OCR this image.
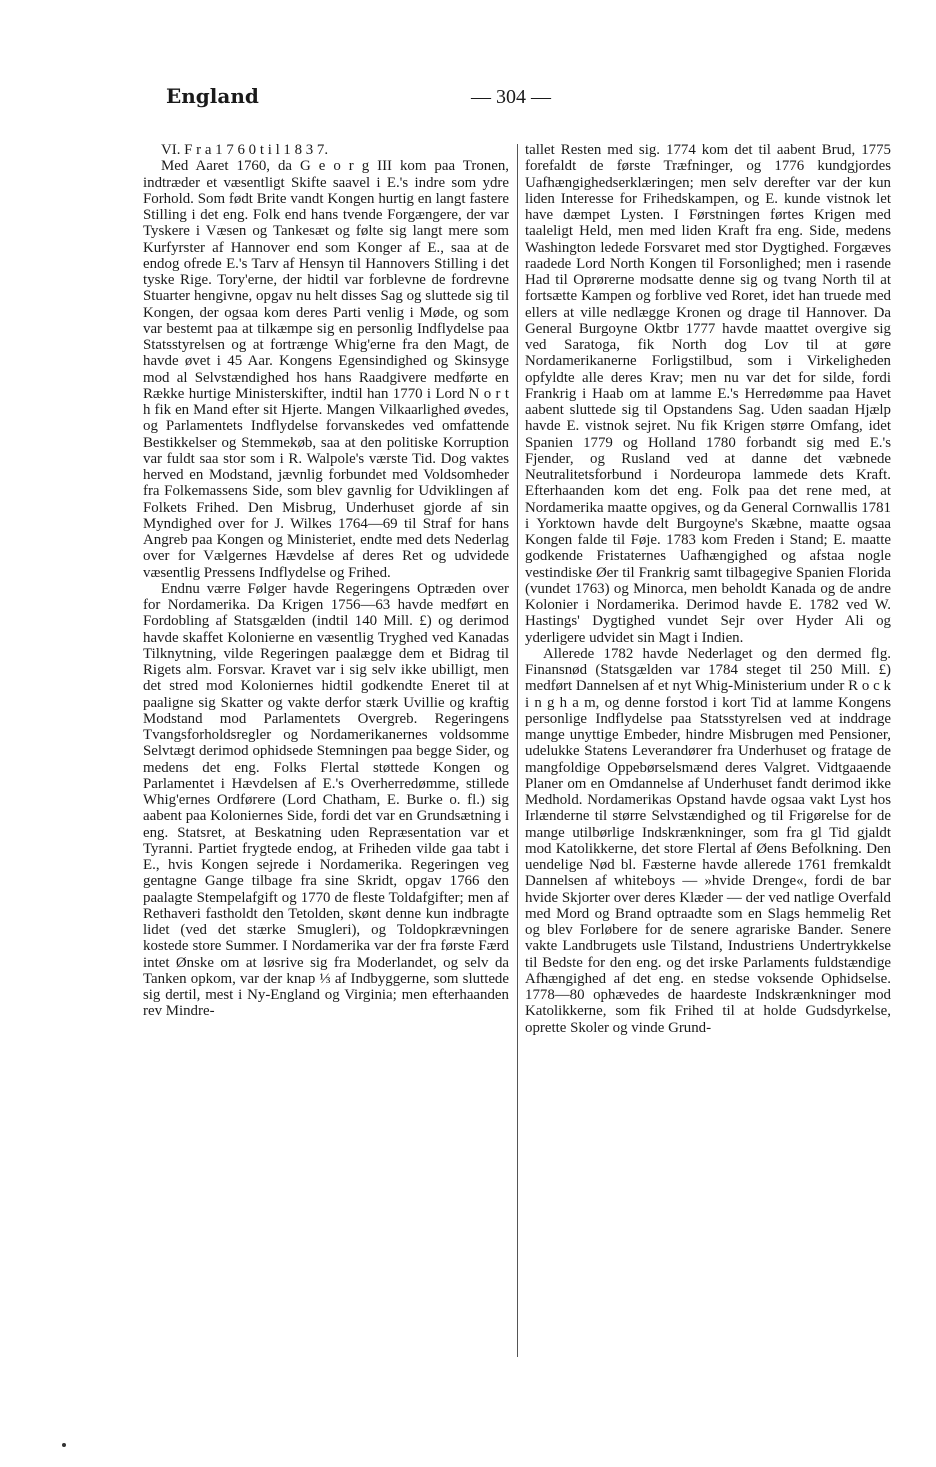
England	— 304 —

VI. F r a 1 7 6 0 t i l 1 8 3 7.

Med Aaret 1760, da G e o r g III kom paa Tronen, indtræder et væsentligt Skifte saavel i E.'s indre som ydre Forhold. Som født Brite vandt Kongen hurtig en langt fastere Stilling i det eng. Folk end hans tvende Forgængere, der var Tyskere i Væsen og Tankesæt og følte sig langt mere som Kurfyrster af Hannover end som Konger af E., saa at de endog ofrede E.'s Tarv af Hensyn til Hannovers Stilling i det tyske Rige. Tory'erne, der hidtil var forblevne de fordrevne Stuarter hengivne, opgav nu helt disses Sag og sluttede sig til Kongen, der ogsaa kom deres Parti venlig i Møde, og som var bestemt paa at tilkæmpe sig en personlig Indflydelse paa Statsstyrelsen og at fortrænge Whig'erne fra den Magt, de havde øvet i 45 Aar. Kongens Egensindighed og Skinsyge mod al Selvstændighed hos hans Raadgivere medførte en Række hurtige Ministerskifter, indtil han 1770 i Lord N o r t h fik en Mand efter sit Hjerte. Mangen Vilkaarlighed øvedes, og Parlamentets Indflydelse forvanskedes ved omfattende Bestikkelser og Stemmekøb, saa at den politiske Korruption var fuldt saa stor som i R. Walpole's værste Tid. Dog vaktes herved en Modstand, jævnlig forbundet med Voldsomheder fra Folkemassens Side, som blev gavnlig for Udviklingen af Folkets Frihed. Den Misbrug, Underhuset gjorde af sin Myndighed over for J. Wilkes 1764—69 til Straf for hans Angreb paa Kongen og Ministeriet, endte med dets Nederlag over for Vælgernes Hævdelse af deres Ret og udvidede væsentlig Pressens Indflydelse og Frihed.

Endnu værre Følger havde Regeringens Optræden over for Nordamerika. Da Krigen 1756—63 havde medført en Fordobling af Statsgælden (indtil 140 Mill. £) og derimod havde skaffet Kolonierne en væsentlig Tryghed ved Kanadas Tilknytning, vilde Regeringen paalægge dem et Bidrag til Rigets alm. Forsvar. Kravet var i sig selv ikke ubilligt, men det stred mod Koloniernes hidtil godkendte Eneret til at paaligne sig Skatter og vakte derfor stærk Uvillie og kraftig Modstand mod Parlamentets Overgreb. Regeringens Tvangsforholdsregler og Nordamerikanernes voldsomme Selvtægt derimod ophidsede Stemningen paa begge Sider, og medens det eng. Folks Flertal støttede Kongen og Parlamentet i Hævdelsen af E.'s Overherredømme, stillede Whig'ernes Ordførere (Lord Chatham, E. Burke o. fl.) sig aabent paa Koloniernes Side, fordi det var en Grundsætning i eng. Statsret, at Beskatning uden Repræsentation var et Tyranni. Partiet frygtede endog, at Friheden vilde gaa tabt i E., hvis Kongen sejrede i Nordamerika. Regeringen veg gentagne Gange tilbage fra sine Skridt, opgav 1766 den paalagte Stempelafgift og 1770 de fleste Toldafgifter; men af Rethaveri fastholdt den Tetolden, skønt denne kun indbragte lidet (ved det stærke Smugleri), og Toldopkrævningen kostede store Summer. I Nordamerika var der fra første Færd intet Ønske om at løsrive sig fra Moderlandet, og selv da Tanken opkom, var der knap ⅓ af Indbyggerne, som sluttede sig dertil, mest i Ny-England og Virginia; men efterhaanden rev Mindre-

tallet Resten med sig. 1774 kom det til aabent Brud, 1775 forefaldt de første Træfninger, og 1776 kundgjordes Uafhængighedserklæringen; men selv derefter var der kun liden Interesse for Frihedskampen, og E. kunde vistnok let have dæmpet Lysten. I Førstningen førtes Krigen med taaleligt Held, men med liden Kraft fra eng. Side, medens Washington ledede Forsvaret med stor Dygtighed. Forgæves raadede Lord North Kongen til Forsonlighed; men i rasende Had til Oprørerne modsatte denne sig og tvang North til at fortsætte Kampen og forblive ved Roret, idet han truede med ellers at ville nedlægge Kronen og drage til Hannover. Da General Burgoyne Oktbr 1777 havde maattet overgive sig ved Saratoga, fik North dog Lov til at gøre Nordamerikanerne Forligstilbud, som i Virkeligheden opfyldte alle deres Krav; men nu var det for silde, fordi Frankrig i Haab om at lamme E.'s Herredømme paa Havet aabent sluttede sig til Opstandens Sag. Uden saadan Hjælp havde E. vistnok sejret. Nu fik Krigen større Omfang, idet Spanien 1779 og Holland 1780 forbandt sig med E.'s Fjender, og Rusland ved at danne det væbnede Neutralitetsforbund i Nordeuropa lammede dets Kraft. Efterhaanden kom det eng. Folk paa det rene med, at Nordamerika maatte opgives, og da General Cornwallis 1781 i Yorktown havde delt Burgoyne's Skæbne, maatte ogsaa Kongen falde til Føje. 1783 kom Freden i Stand; E. maatte godkende Fristaternes Uafhængighed og afstaa nogle vestindiske Øer til Frankrig samt tilbagegive Spanien Florida (vundet 1763) og Minorca, men beholdt Kanada og de andre Kolonier i Nordamerika. Derimod havde E. 1782 ved W. Hastings' Dygtighed vundet Sejr over Hyder Ali og yderligere udvidet sin Magt i Indien.

Allerede 1782 havde Nederlaget og den dermed flg. Finansnød (Statsgælden var 1784 steget til 250 Mill. £) medført Dannelsen af et nyt Whig-Ministerium under R o c k i n g h a m, og denne forstod i kort Tid at lamme Kongens personlige Indflydelse paa Statsstyrelsen ved at inddrage mange unyttige Embeder, hindre Misbrugen med Pensioner, udelukke Statens Leverandører fra Underhuset og fratage de mangfoldige Oppebørselsmænd deres Valgret. Vidtgaaende Planer om en Omdannelse af Underhuset fandt derimod ikke Medhold. Nordamerikas Opstand havde ogsaa vakt Lyst hos Irlænderne til større Selvstændighed og til Frigørelse for de mange utilbørlige Indskrænkninger, som fra gl Tid gjaldt mod Katolikkerne, det store Flertal af Øens Befolkning. Den uendelige Nød bl. Fæsterne havde allerede 1761 fremkaldt Dannelsen af whiteboys — »hvide Drenge«, fordi de bar hvide Skjorter over deres Klæder — der ved natlige Overfald med Mord og Brand optraadte som en Slags hemmelig Ret og blev Forløbere for de senere agrariske Bander. Senere vakte Landbrugets usle Tilstand, Industriens Undertrykkelse til Bedste for den eng. og det irske Parlaments fuldstændige Afhængighed af det eng. en stedse voksende Ophidselse. 1778—80 ophævedes de haardeste Indskrænkninger mod Katolikkerne, som fik Frihed til at holde Gudsdyrkelse, oprette Skoler og vinde Grund-
